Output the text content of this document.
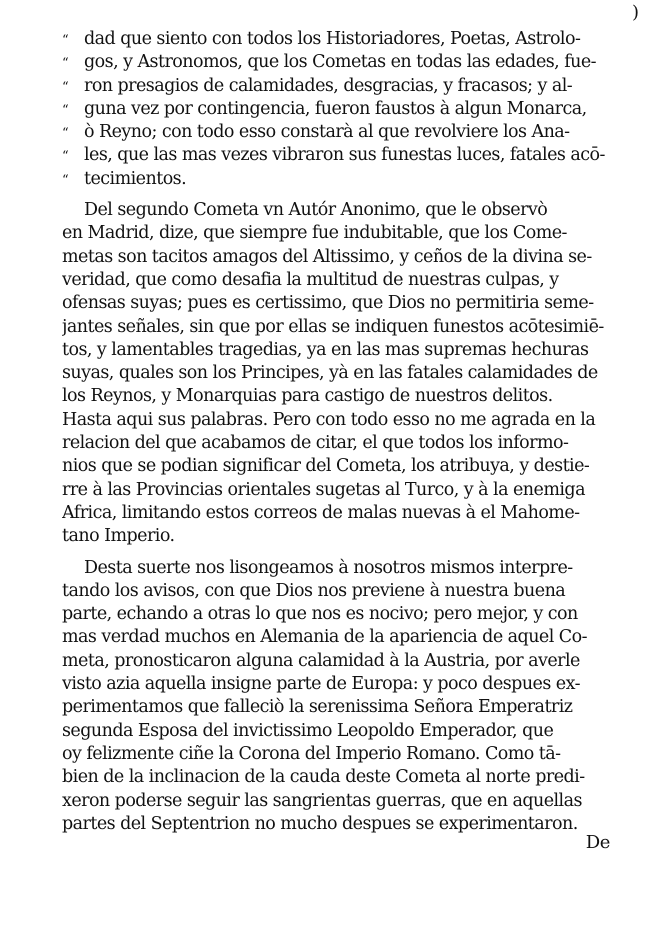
)
“ dad que siento con todos los Historiadores, Poetas, Astrolo-
“ gos, y Astronomos, que los Cometas en todas las edades, fue-
“ ron presagios de calamidades, desgracias, y fracasos; y al-
“ guna vez por contingencia, fueron faustos à algun Monarca,
“ ò Reyno; con todo esso constarà al que revolviere los Ana-
“ les, que las mas vezes vibraron sus funestas luces, fatales acō-
“ tecimientos.
Del segundo Cometa vn Autór Anonimo, que le observò
en Madrid, dize, que siempre fue indubitable, que los Come-
metas son tacitos amagos del Altissimo, y ceños de la divina se-
veridad, que como desafia la multitud de nuestras culpas, y
ofensas suyas; pues es certissimo, que Dios no permitiria seme-
jantes señales, sin que por ellas se indiquen funestos acōtesimiē-
tos, y lamentables tragedias, ya en las mas supremas hechuras
suyas, quales son los Principes, yà en las fatales calamidades de
los Reynos, y Monarquias para castigo de nuestros delitos.
Hasta aqui sus palabras. Pero con todo esso no me agrada en la
relacion del que acabamos de citar, el que todos los informo-
nios que se podian significar del Cometa, los atribuya, y destie-
rre à las Provincias orientales sugetas al Turco, y à la enemiga
Africa, limitando estos correos de malas nuevas à el Mahome-
tano Imperio.
Desta suerte nos lisongeamos à nosotros mismos interpre-
tando los avisos, con que Dios nos previene à nuestra buena
parte, echando a otras lo que nos es nocivo; pero mejor, y con
mas verdad muchos en Alemania de la apariencia de aquel Co-
meta, pronosticaron alguna calamidad à la Austria, por averle
visto azia aquella insigne parte de Europa: y poco despues ex-
perimentamos que falleciò la serenissima Señora Emperatriz
segunda Esposa del invictissimo Leopoldo Emperador, que
oy felizmente ciñe la Corona del Imperio Romano. Como tā-
bien de la inclinacion de la cauda deste Cometa al norte predi-
xeron poderse seguir las sangrientas guerras, que en aquellas
partes del Septentrion no mucho despues se experimentaron.
De
